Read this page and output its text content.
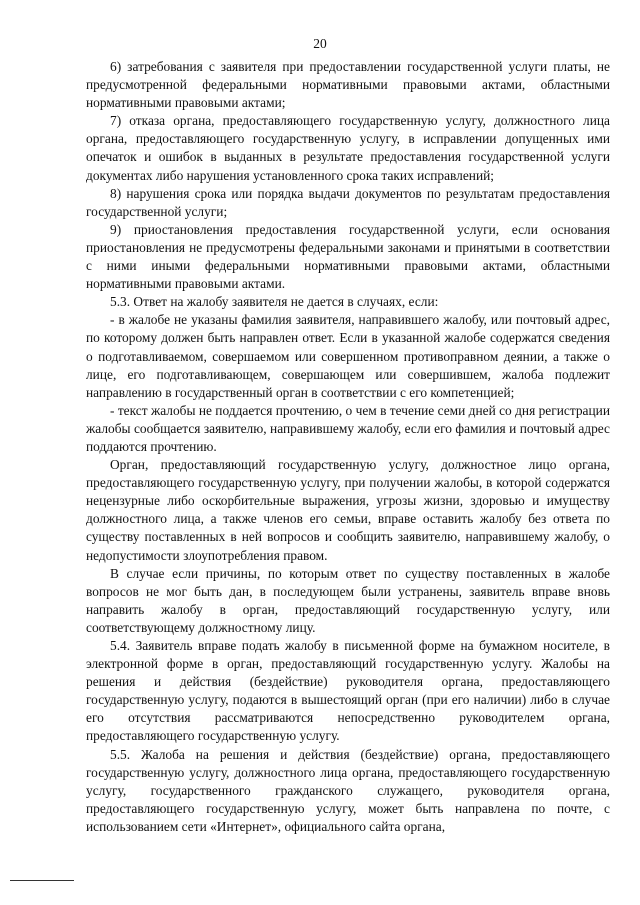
20

6) затребования с заявителя при предоставлении государственной услуги платы, не предусмотренной федеральными нормативными правовыми актами, областными нормативными правовыми актами;

7) отказа органа, предоставляющего государственную услугу, должностного лица органа, предоставляющего государственную услугу, в исправлении допущенных ими опечаток и ошибок в выданных в результате предоставления государственной услуги документах либо нарушения установленного срока таких исправлений;

8) нарушения срока или порядка выдачи документов по результатам предоставления государственной услуги;

9) приостановления предоставления государственной услуги, если основания приостановления не предусмотрены федеральными законами и принятыми в соответствии с ними иными федеральными нормативными правовыми актами, областными нормативными правовыми актами.

5.3. Ответ на жалобу заявителя не дается в случаях, если:

- в жалобе не указаны фамилия заявителя, направившего жалобу, или почтовый адрес, по которому должен быть направлен ответ. Если в указанной жалобе содержатся сведения о подготавливаемом, совершаемом или совершенном противоправном деянии, а также о лице, его подготавливающем, совершающем или совершившем, жалоба подлежит направлению в государственный орган в соответствии с его компетенцией;

- текст жалобы не поддается прочтению, о чем в течение семи дней со дня регистрации жалобы сообщается заявителю, направившему жалобу, если его фамилия и почтовый адрес поддаются прочтению.

Орган, предоставляющий государственную услугу, должностное лицо органа, предоставляющего государственную услугу, при получении жалобы, в которой содержатся нецензурные либо оскорбительные выражения, угрозы жизни, здоровью и имуществу должностного лица, а также членов его семьи, вправе оставить жалобу без ответа по существу поставленных в ней вопросов и сообщить заявителю, направившему жалобу, о недопустимости злоупотребления правом.

В случае если причины, по которым ответ по существу поставленных в жалобе вопросов не мог быть дан, в последующем были устранены, заявитель вправе вновь направить жалобу в орган, предоставляющий государственную услугу, или соответствующему должностному лицу.

5.4. Заявитель вправе подать жалобу в письменной форме на бумажном носителе, в электронной форме в орган, предоставляющий государственную услугу. Жалобы на решения и действия (бездействие) руководителя органа, предоставляющего государственную услугу, подаются в вышестоящий орган (при его наличии) либо в случае его отсутствия рассматриваются непосредственно руководителем органа, предоставляющего государственную услугу.

5.5. Жалоба на решения и действия (бездействие) органа, предоставляющего государственную услугу, должностного лица органа, предоставляющего государственную услугу, государственного гражданского служащего, руководителя органа, предоставляющего государственную услугу, может быть направлена по почте, с использованием сети «Интернет», официального сайта органа,
